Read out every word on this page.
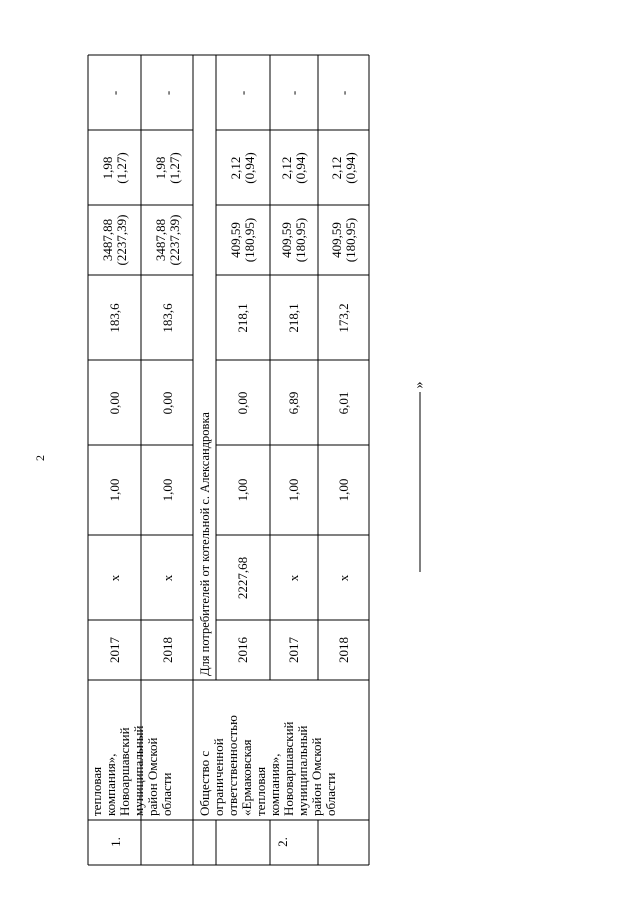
2
»
Для потребителей от котельной с. Александровка
1.	2.
2017
x
1,00
0,00
183,6
3487,88 (2237,39)
1,98 (1,27)
-
2018
x
1,00
0,00
183,6
3487,88 (2237,39)
1,98 (1,27)
-
2016
2227,68
1,00
0,00
218,1
409,59 (180,95)
2,12 (0,94)
-
2017
x
1,00
6,89
218,1
409,59 (180,95)
2,12 (0,94)
-
2018
x
1,00
6,01
173,2
409,59 (180,95)
2,12 (0,94)
-
тепловая компания», Новоаршавский муниципальный район Омской области Общество с ограниченной ответственностью «Ермаковская тепловая компания», Нововаршавский муниципальный район Омской области
